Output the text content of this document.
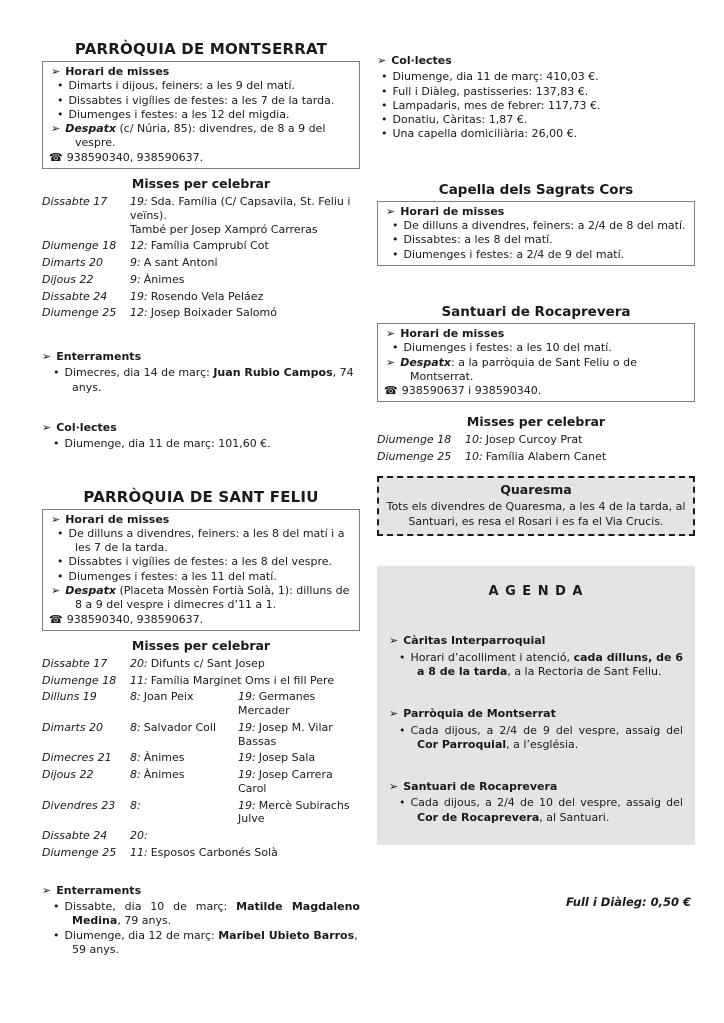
PARRÒQUIA DE MONTSERRAT
➢ Horari de misses
• Dimarts i dijous, feiners: a les 9 del matí.
• Dissabtes i vigílies de festes: a les 7 de la tarda.
• Diumenges i festes: a les 12 del migdia.
➢ Despatx (c/ Núria, 85): divendres, de 8 a 9 del vespre.
☎ 938590340, 938590637.
Misses per celebrar
Dissabte 17	19: Sda. Família (C/ Capsavila, St. Feliu i veïns).
També per Josep Xampró Carreras
Diumenge 18	12: Família Camprubí Cot
Dimarts 20	9: A sant Antoni
Dijous 22	9: Ànimes
Dissabte 24	19: Rosendo Vela Peláez
Diumenge 25	12: Josep Boixader Salomó
➢ Enterraments
• Dimecres, dia 14 de març: Juan Rubio Campos, 74 anys.
➢ Col·lectes
• Diumenge, dia 11 de març: 101,60 €.
PARRÒQUIA DE SANT FELIU
➢ Horari de misses
• De dilluns a divendres, feiners: a les 8 del matí i a les 7 de la tarda.
• Dissabtes i vigílies de festes: a les 8 del vespre.
• Diumenges i festes: a les 11 del matí.
➢ Despatx (Placeta Mossèn Fortià Solà, 1): dilluns de 8 a 9 del vespre i dimecres d’11 a 1.
☎ 938590340, 938590637.
Misses per celebrar
Dissabte 17	20: Difunts c/ Sant Josep
Diumenge 18	11: Família Marginet Oms i el fill Pere
Dilluns 19	8: Joan Peix	19: Germanes Mercader
Dimarts 20	8: Salvador Coll	19: Josep M. Vilar Bassas
Dimecres 21	8: Ànimes	19: Josep Sala
Dijous 22	8: Ànimes	19: Josep Carrera Carol
Divendres 23	8:	19: Mercè Subirachs Julve
Dissabte 24	20:
Diumenge 25	11: Esposos Carbonés Solà
➢ Enterraments
• Dissabte, dia 10 de març: Matilde Magdaleno Medina, 79 anys.
• Diumenge, dia 12 de març: Maribel Ubieto Barros, 59 anys.
➢ Col·lectes
• Diumenge, dia 11 de març: 410,03 €.
• Full i Diàleg, pastisseries: 137,83 €.
• Lampadaris, mes de febrer: 117,73 €.
• Donatiu, Càritas: 1,87 €.
• Una capella domiciliària: 26,00 €.
Capella dels Sagrats Cors
➢ Horari de misses
• De dilluns a divendres, feiners: a 2/4 de 8 del matí.
• Dissabtes: a les 8 del matí.
• Diumenges i festes: a 2/4 de 9 del matí.
Santuari de Rocaprevera
➢ Horari de misses
• Diumenges i festes: a les 10 del matí.
➢ Despatx: a la parròquia de Sant Feliu o de Montserrat.
☎ 938590637 i 938590340.
Misses per celebrar
Diumenge 18	10: Josep Curcoy Prat
Diumenge 25	10: Família Alabern Canet
Quaresma
Tots els divendres de Quaresma, a les 4 de la tarda, al Santuari, es resa el Rosari i es fa el Via Crucis.
A G E N D A
➢ Càritas Interparroquial
• Horari d’acolliment i atenció, cada dilluns, de 6 a 8 de la tarda, a la Rectoria de Sant Feliu.
➢ Parròquia de Montserrat
• Cada dijous, a 2/4 de 9 del vespre, assaig del Cor Parroquial, a l’església.
➢ Santuari de Rocaprevera
• Cada dijous, a 2/4 de 10 del vespre, assaig del Cor de Rocaprevera, al Santuari.
Full i Diàleg: 0,50 €
